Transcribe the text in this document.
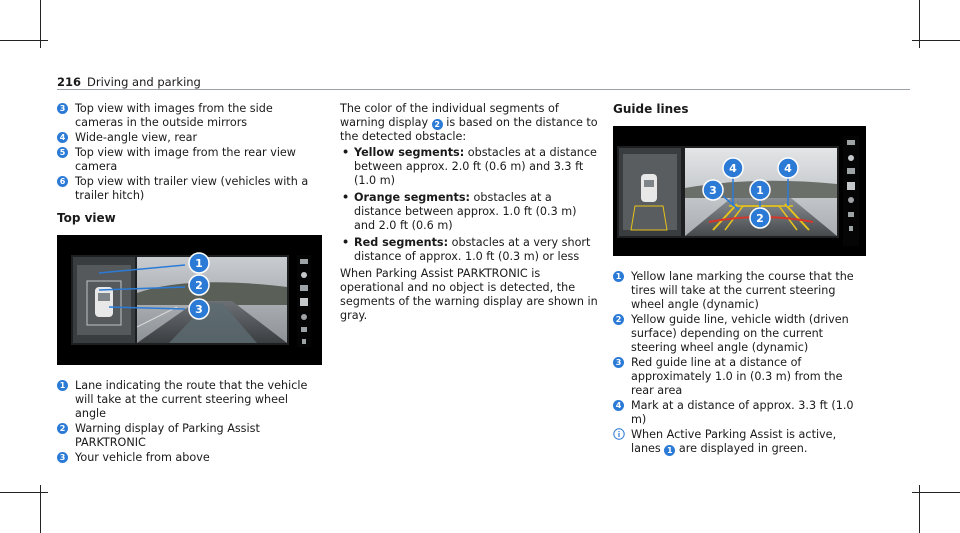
216 Driving and parking
3 Top view with images from the side cameras in the outside mirrors
4 Wide-angle view, rear
5 Top view with image from the rear view camera
6 Top view with trailer view (vehicles with a trailer hitch)
Top view
1
2
3
1 Lane indicating the route that the vehicle will take at the current steering wheel angle
2 Warning display of Parking Assist PARKTRONIC
3 Your vehicle from above
The color of the individual segments of warning display 2 is based on the distance to the detected obstacle:
• Yellow segments: obstacles at a distance between approx. 2.0 ft (0.6 m) and 3.3 ft (1.0 m)
• Orange segments: obstacles at a distance between approx. 1.0 ft (0.3 m) and 2.0 ft (0.6 m)
• Red segments: obstacles at a very short distance of approx. 1.0 ft (0.3 m) or less
When Parking Assist PARKTRONIC is operational and no object is detected, the segments of the warning display are shown in gray.
Guide lines
4	4
3	1
2
1 Yellow lane marking the course that the tires will take at the current steering wheel angle (dynamic)
2 Yellow guide line, vehicle width (driven surface) depending on the current steering wheel angle (dynamic)
3 Red guide line at a distance of approximately 1.0 in (0.3 m) from the rear area
4 Mark at a distance of approx. 3.3 ft (1.0 m)
When Active Parking Assist is active, lanes 1 are displayed in green.
